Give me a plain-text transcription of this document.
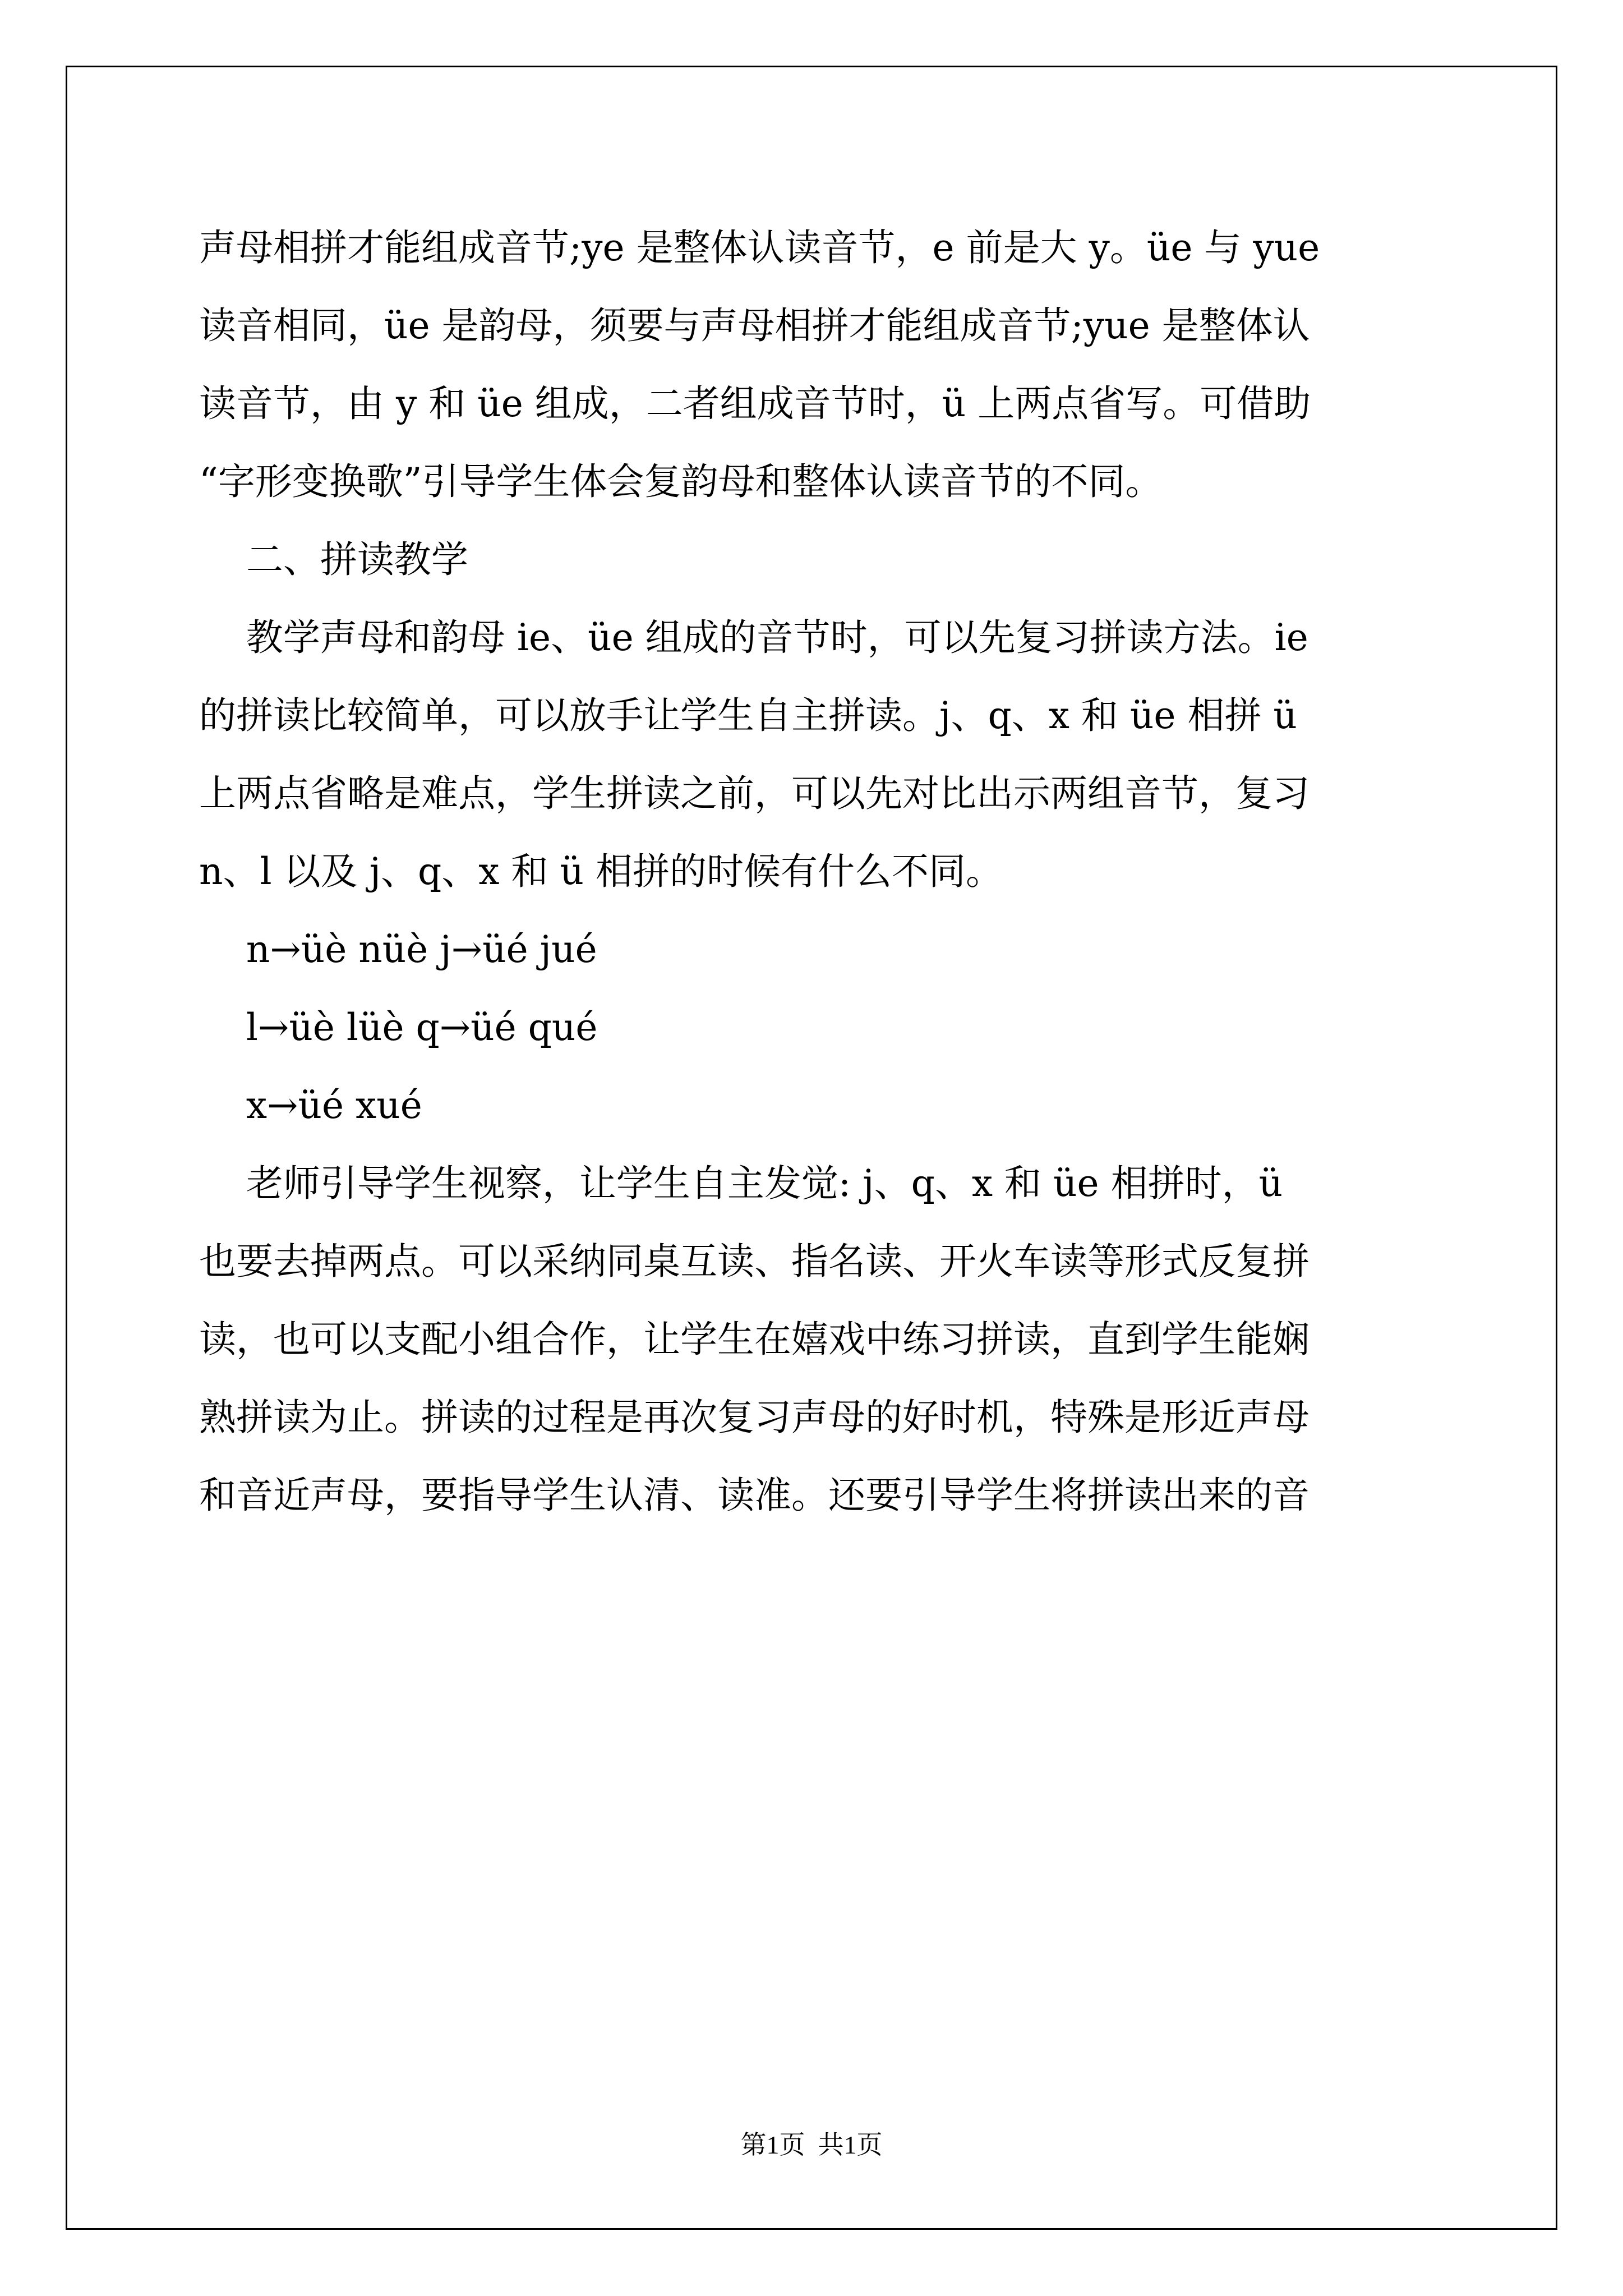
声母相拼才能组成音节;ye 是整体认读音节，e 前是大 y。üe 与 yue

读音相同，üe 是韵母，须要与声母相拼才能组成音节;yue 是整体认

读音节，由 y 和 üe 组成，二者组成音节时，ü 上两点省写。可借助

“字形变换歌”引导学生体会复韵母和整体认读音节的不同。

二、拼读教学

教学声母和韵母 ie、üe 组成的音节时，可以先复习拼读方法。ie

的拼读比较简单，可以放手让学生自主拼读。j、q、x 和 üe 相拼 ü

上两点省略是难点，学生拼读之前，可以先对比出示两组音节，复习

n、l 以及 j、q、x 和 ü 相拼的时候有什么不同。

n→üè nüè j→üé jué

l→üè lüè q→üé qué

x→üé xué

老师引导学生视察，让学生自主发觉: j、q、x 和 üe 相拼时，ü

也要去掉两点。可以采纳同桌互读、指名读、开火车读等形式反复拼

读，也可以支配小组合作，让学生在嬉戏中练习拼读，直到学生能娴

熟拼读为止。拼读的过程是再次复习声母的好时机，特殊是形近声母

和音近声母，要指导学生认清、读准。还要引导学生将拼读出来的音

第1页  共1页
